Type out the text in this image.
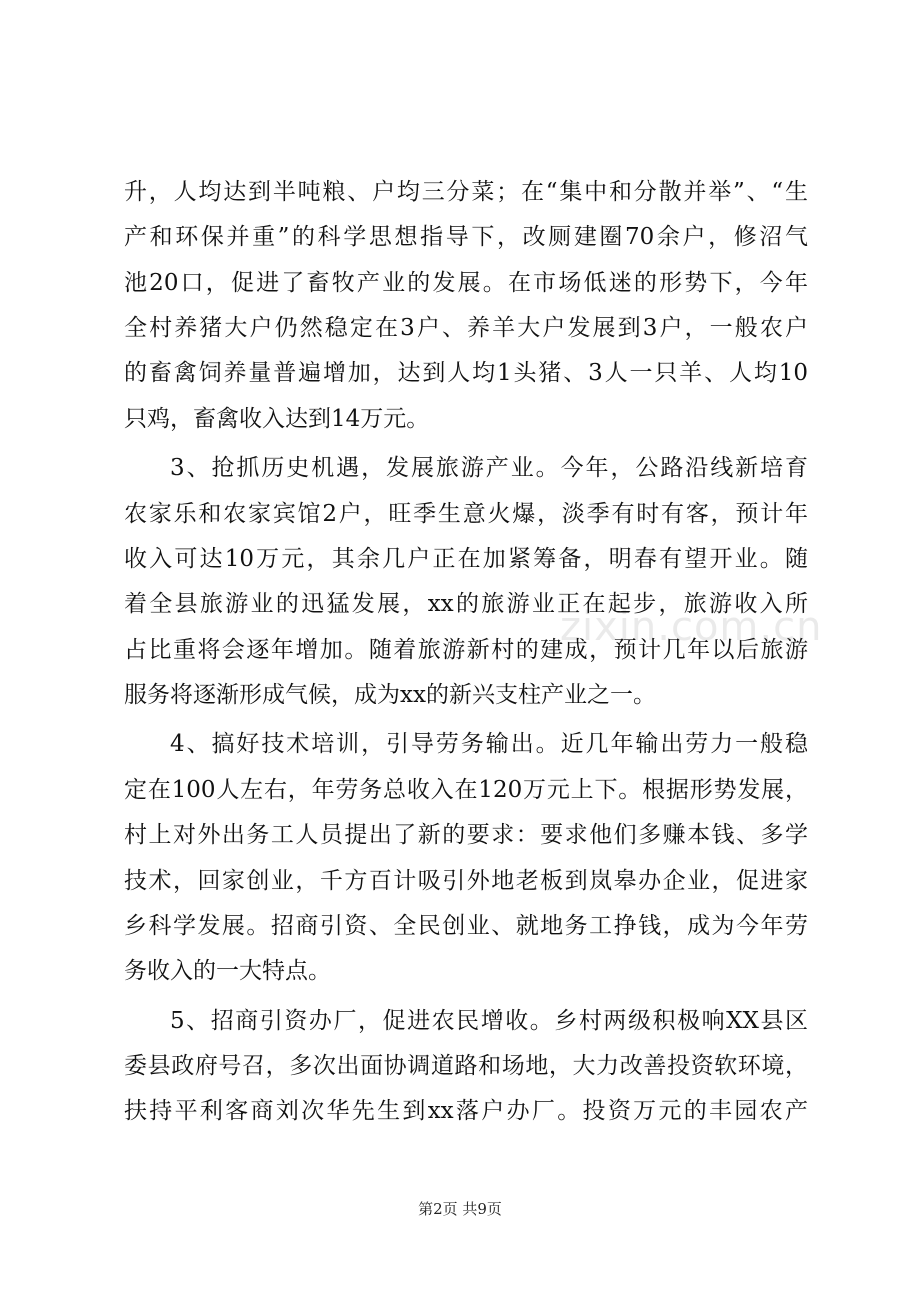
zixin.com.cn
升，人均达到半吨粮、户均三分菜；在“集中和分散并举”、“生
产和环保并重”的科学思想指导下，改厕建圈70余户，修沼气
池20口，促进了畜牧产业的发展。在市场低迷的形势下，今年
全村养猪大户仍然稳定在3户、养羊大户发展到3户，一般农户
的畜禽饲养量普遍增加，达到人均1头猪、3人一只羊、人均10
只鸡，畜禽收入达到14万元。
3、抢抓历史机遇，发展旅游产业。今年，公路沿线新培育
农家乐和农家宾馆2户，旺季生意火爆，淡季有时有客，预计年
收入可达10万元，其余几户正在加紧筹备，明春有望开业。随
着全县旅游业的迅猛发展，xx的旅游业正在起步，旅游收入所
占比重将会逐年增加。随着旅游新村的建成，预计几年以后旅游
服务将逐渐形成气候，成为xx的新兴支柱产业之一。
4、搞好技术培训，引导劳务输出。近几年输出劳力一般稳
定在100人左右，年劳务总收入在120万元上下。根据形势发展，
村上对外出务工人员提出了新的要求：要求他们多赚本钱、多学
技术，回家创业，千方百计吸引外地老板到岚皋办企业，促进家
乡科学发展。招商引资、全民创业、就地务工挣钱，成为今年劳
务收入的一大特点。
5、招商引资办厂，促进农民增收。乡村两级积极响XX县区
委县政府号召，多次出面协调道路和场地，大力改善投资软环境，
扶持平利客商刘次华先生到xx落户办厂。投资万元的丰园农产
第2页 共9页
